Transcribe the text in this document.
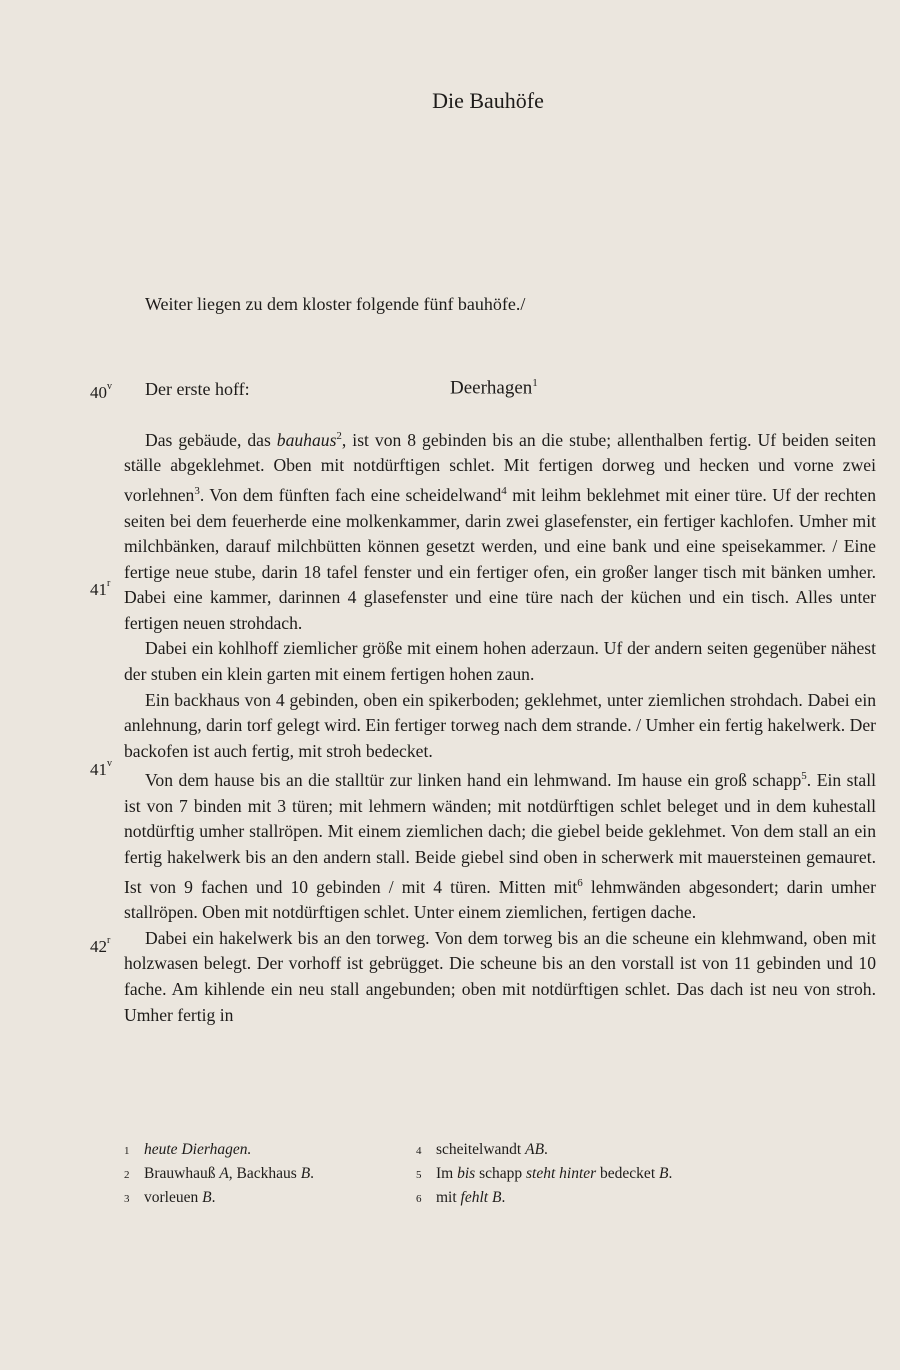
Die Bauhöfe
Weiter liegen zu dem kloster folgende fünf bauhöfe./
40$^v$
41$^r$
41$^v$
42$^r$
Der erste hoff:	Deerhagen$^1$

Das gebäude, das bauhaus$^2$, ist von 8 gebinden bis an die stube; allenthalben fertig. Uf beiden seiten ställe abgeklehmet. Oben mit notdürftigen schlet. Mit fertigen dorweg und hecken und vorne zwei vorlehnen$^3$. Von dem fünften fach eine scheidelwand$^4$ mit leihm beklehmet mit einer türe. Uf der rechten seiten bei dem feuerherde eine molkenkammer, darin zwei glasefenster, ein fertiger kachlofen. Umher mit milchbänken, darauf milchbütten können gesetzt werden, und eine bank und eine speisekammer. / Eine fertige neue stube, darin 18 tafel fenster und ein fertiger ofen, ein großer langer tisch mit bänken umher. Dabei eine kammer, darinnen 4 glasefenster und eine türe nach der küchen und ein tisch. Alles unter fertigen neuen strohdach.

Dabei ein kohlhoff ziemlicher größe mit einem hohen aderzaun. Uf der andern seiten gegenüber nähest der stuben ein klein garten mit einem fertigen hohen zaun.

Ein backhaus von 4 gebinden, oben ein spikerboden; geklehmet, unter ziemlichen strohdach. Dabei ein anlehnung, darin torf gelegt wird. Ein fertiger torweg nach dem strande. / Umher ein fertig hakelwerk. Der backofen ist auch fertig, mit stroh bedecket.

Von dem hause bis an die stalltür zur linken hand ein lehmwand. Im hause ein groß schapp$^5$. Ein stall ist von 7 binden mit 3 türen; mit lehmern wänden; mit notdürftigen schlet beleget und in dem kuhestall notdürftig umher stallröpen. Mit einem ziemlichen dach; die giebel beide geklehmet. Von dem stall an ein fertig hakelwerk bis an den andern stall. Beide giebel sind oben in scherwerk mit mauersteinen gemauret. Ist von 9 fachen und 10 gebinden / mit 4 türen. Mitten mit$^6$ lehmwänden abgesondert; darin umher stallröpen. Oben mit notdürftigen schlet. Unter einem ziemlichen, fertigen dache.

Dabei ein hakelwerk bis an den torweg. Von dem torweg bis an die scheune ein klehmwand, oben mit holzwasen belegt. Der vorhoff ist gebrügget. Die scheune bis an den vorstall ist von 11 gebinden und 10 fache. Am kihlende ein neu stall angebunden; oben mit notdürftigen schlet. Das dach ist neu von stroh. Umher fertig in

1 heute Dierhagen.
2 Brauwhauß A, Backhaus B.
3 vorleuen B.
4 scheitelwandt AB.
5 Im bis schapp steht hinter bedecket B.
6 mit fehlt B.
